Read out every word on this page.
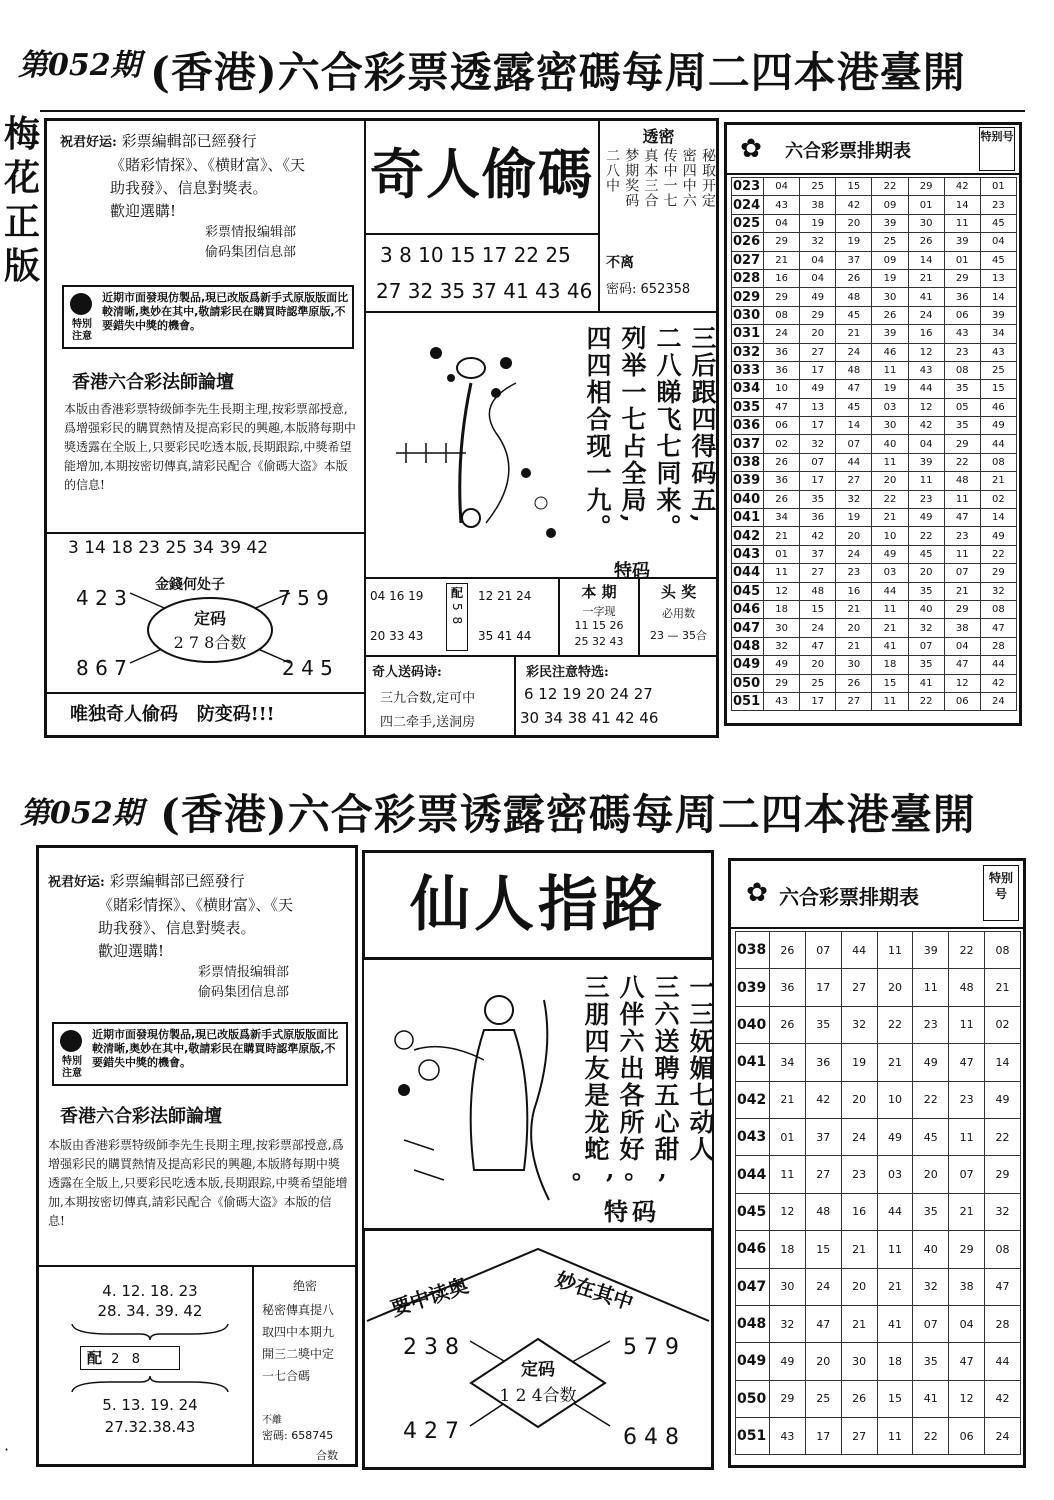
第052期 (香港)六合彩票透露密碼每周二四本港臺開
梅花正版
祝君好运: 彩票編輯部已經發行
《賭彩情探》、《横財富》、《天
助我發》、信息對獎表。
歡迎選購!
彩票情报编辑部
偷码集团信息部
特別注意
近期市面發現仿製品,現已改版爲新手式原版版面比較清晰,奥妙在其中,敬請彩民在購買時認準原版,不要錯失中獎的機會。
香港六合彩法師論壇
本版由香港彩票特级師李先生長期主理,按彩票部授意,爲增强彩民的購買熱情及提高彩民的興趣,本版將每期中獎透露在全版上,只要彩民吃透本版,長期跟踪,中獎希望能增加,本期按密切傳真,請彩民配合《偷碼大盗》本版的信息!
3 14 18 23 25 34 39 42
金錢何处子
4 2 3	7 5 9
8 6 7	2 4 5
定码
2 7 8合数
唯独奇人偷码   防变码!!!
奇人偷碼
3 8 10 15 17 22 25
27 32 35 37 41 43 46
透密
秘取开定
密四中六
传中一七
真本三合
梦期奖码
二八中
不离
密码: 652358
三后跟四得码五,
二八睇飞七同来。
列举一七占全局,
四四相合现一九。
特码
04 16 19
20 33 43
配
5 8
12 21 24
35 41 44
本 期
一字现
11 15 26
25 32 43
头 奖
必用数
23 — 35合
奇人送码诗:
三九合数,定可中
四二牵手,送洞房
彩民注意特选:
6 12 19 20 24 27
30 34 38 41 42 46
✿	六合彩票排期表
特别号
023	04	25	15	22	29	42	01
024	43	38	42	09	01	14	23
025	04	19	20	39	30	11	45
026	29	32	19	25	26	39	04
027	21	04	37	09	14	01	45
028	16	04	26	19	21	29	13
029	29	49	48	30	41	36	14
030	08	29	45	26	24	06	39
031	24	20	21	39	16	43	34
032	36	27	24	46	12	23	43
033	36	17	48	11	43	08	25
034	10	49	47	19	44	35	15
035	47	13	45	03	12	05	46
036	06	17	14	30	42	35	49
037	02	32	07	40	04	29	44
038	26	07	44	11	39	22	08
039	36	17	27	20	11	48	21
040	26	35	32	22	23	11	02
041	34	36	19	21	49	47	14
042	21	42	20	10	22	23	49
043	01	37	24	49	45	11	22
044	11	27	23	03	20	07	29
045	12	48	16	44	35	21	32
046	18	15	21	11	40	29	08
047	30	24	20	21	32	38	47
048	32	47	21	41	07	04	28
049	49	20	30	18	35	47	44
050	29	25	26	15	41	12	42
051	43	17	27	11	22	06	24
第052期 (香港)六合彩票诱露密碼每周二四本港臺開
祝君好运: 彩票編輯部已經發行
《賭彩情探》、《横財富》、《天
助我發》、信息對獎表。
歡迎選購!
彩票情报编辑部
偷码集团信息部
特別注意
近期市面發現仿製品,現已改版爲新手式原版版面比較清晰,奥妙在其中,敬請彩民在購買時認準原版,不要錯失中獎的機會。
香港六合彩法師論壇
本版由香港彩票特级師李先生長期主理,按彩票部授意,爲增强彩民的購買熱情及提高彩民的興趣,本版將每期中獎透露在全版上,只要彩民吃透本版,長期跟踪,中獎希望能增加,本期按密切傳真,請彩民配合《偷碼大盗》本版的信息!
4. 12. 18. 23
28. 34. 39. 42
配 2   8
5. 13. 19. 24
27.32.38.43
绝密
秘密傳真提八
取四中本期九
開三二獎中定
一七合碼
不離
密碼: 658745
合数
仙人指路
一三妩媚七动人
三六送聘五心甜
八伴六出各所好
三朋四友是龙蛇
。,。,
特码
要中读奥	妙在其中
2 3 8	5 7 9
4 2 7	6 4 8
定码
1 2 4合数
✿ 六合彩票排期表
特别号
038	26	07	44	11	39	22	08
039	36	17	27	20	11	48	21
040	26	35	32	22	23	11	02
041	34	36	19	21	49	47	14
042	21	42	20	10	22	23	49
043	01	37	24	49	45	11	22
044	11	27	23	03	20	07	29
045	12	48	16	44	35	21	32
046	18	15	21	11	40	29	08
047	30	24	20	21	32	38	47
048	32	47	21	41	07	04	28
049	49	20	30	18	35	47	44
050	29	25	26	15	41	12	42
051	43	17	27	11	22	06	24
·
